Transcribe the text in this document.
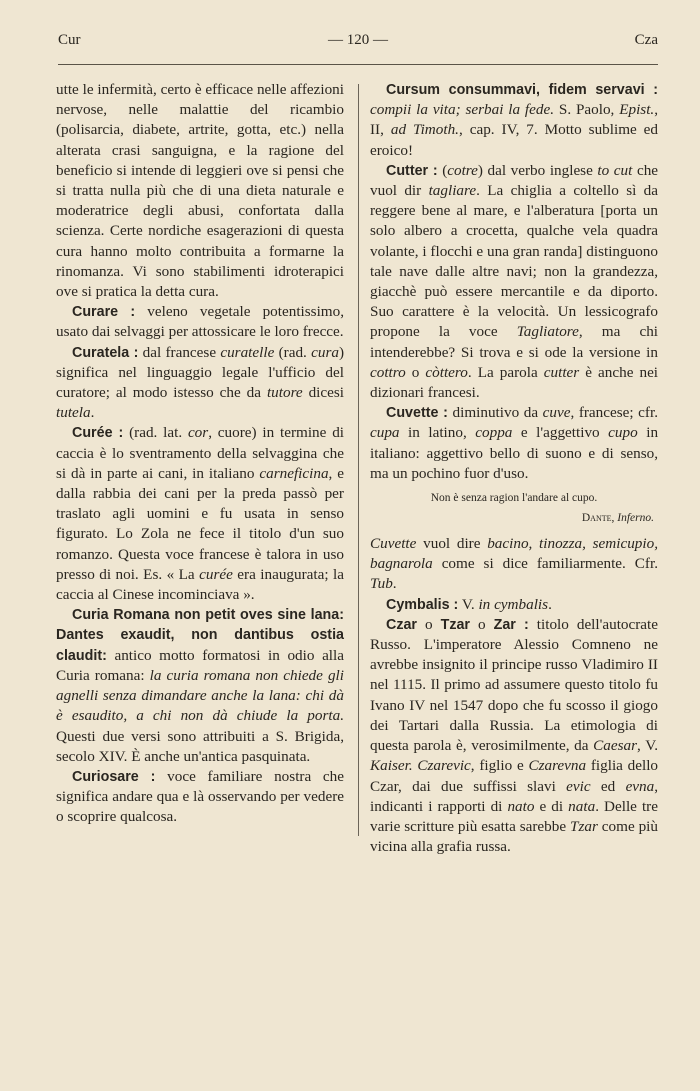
Cur	— 120 —	Cza

utte le infermità, certo è efficace nelle affezioni nervose, nelle malattie del ricambio (polisarcia, diabete, artrite, gotta, etc.) nella alterata crasi sanguigna, e la ragione del beneficio si intende di leggieri ove si pensi che si tratta nulla più che di una dieta naturale e moderatrice degli abusi, confortata dalla scienza. Certe nordiche esagerazioni di questa cura hanno molto contribuita a formarne la rinomanza. Vi sono stabilimenti idroterapici ove si pratica la detta cura.

Curare : veleno vegetale potentissimo, usato dai selvaggi per attossicare le loro frecce.

Curatela : dal francese curatelle (rad. cura) significa nel linguaggio legale l'ufficio del curatore; al modo istesso che da tutore dicesi tutela.

Curée : (rad. lat. cor, cuore) in termine di caccia è lo sventramento della selvaggina che si dà in parte ai cani, in italiano carneficina, e dalla rabbia dei cani per la preda passò per traslato agli uomini e fu usata in senso figurato. Lo Zola ne fece il titolo d'un suo romanzo. Questa voce francese è talora in uso presso di noi. Es. « La curée era inaugurata; la caccia al Cinese incominciava ».

Curia Romana non petit oves sine lana: Dantes exaudit, non dantibus ostia claudit: antico motto formatosi in odio alla Curia romana: la curia romana non chiede gli agnelli senza dimandare anche la lana: chi dà è esaudito, a chi non dà chiude la porta. Questi due versi sono attribuiti a S. Brigida, secolo XIV. È anche un'antica pasquinata.

Curiosare : voce familiare nostra che significa andare qua e là osservando per vedere o scoprire qualcosa.

Cursum consummavi, fidem servavi : compii la vita; serbai la fede. S. Paolo, Epist., II, ad Timoth., cap. IV, 7. Motto sublime ed eroico!

Cutter : (cotre) dal verbo inglese to cut che vuol dir tagliare. La chiglia a coltello sì da reggere bene al mare, e l'alberatura [porta un solo albero a crocetta, qualche vela quadra volante, i flocchi e una gran randa] distinguono tale nave dalle altre navi; non la grandezza, giacchè può essere mercantile e da diporto. Suo carattere è la velocità. Un lessicografo propone la voce Tagliatore, ma chi intenderebbe? Si trova e si ode la versione in cottro o còttero. La parola cutter è anche nei dizionari francesi.

Cuvette : diminutivo da cuve, francese; cfr. cupa in latino, coppa e l'aggettivo cupo in italiano: aggettivo bello di suono e di senso, ma un pochino fuor d'uso.

Non è senza ragion l'andare al cupo.

Dante, Inferno.

Cuvette vuol dire bacino, tinozza, semicupio, bagnarola come si dice familiarmente. Cfr. Tub.

Cymbalis : V. in cymbalis.

Czar o Tzar o Zar : titolo dell'autocrate Russo. L'imperatore Alessio Comneno ne avrebbe insignito il principe russo Vladimiro II nel 1115. Il primo ad assumere questo titolo fu Ivano IV nel 1547 dopo che fu scosso il giogo dei Tartari dalla Russia. La etimologia di questa parola è, verosimilmente, da Caesar, V. Kaiser. Czarevic, figlio e Czarevna figlia dello Czar, dai due suffissi slavi evic ed evna, indicanti i rapporti di nato e di nata. Delle tre varie scritture più esatta sarebbe Tzar come più vicina alla grafia russa.
